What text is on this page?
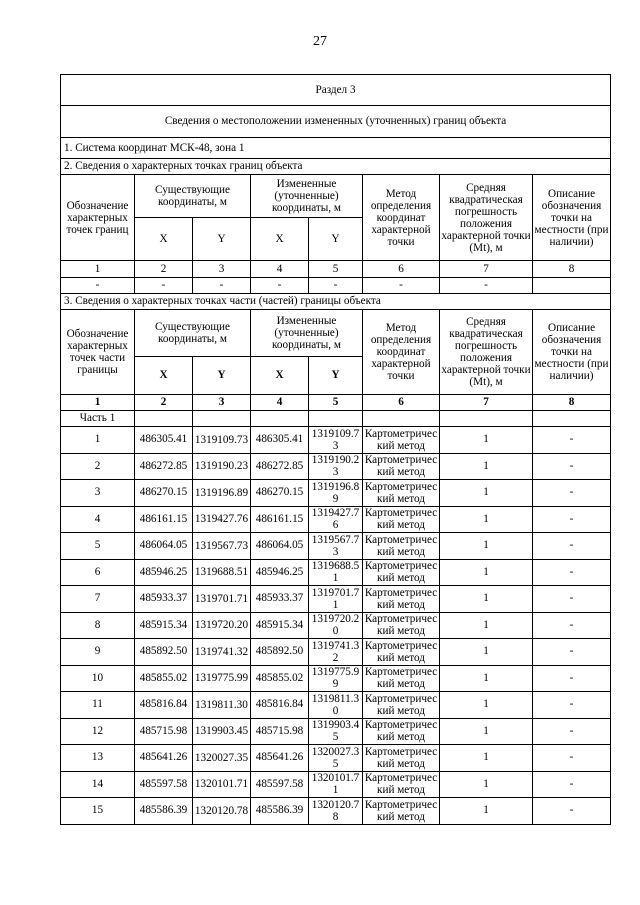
27
Раздел 3							
Сведения о местоположении измененных (уточненных) границ объекта							
1. Система координат МСК-48, зона 1							
2. Сведения о характерных точках границ объекта							
Обозначение характерных точек границ	Существующие координаты, м		Измененные (уточненные) координаты, м		Метод определения координат характерной точки	Средняя квадратическая погрешность положения характерной точки (Mt), м	Описание обозначения точки на местности (при наличии)
	X	Y	X	Y			
1	2	3	4	5	6	7	8
-	-	-	-	-	-	-	
3. Сведения о характерных точках части (частей) границы объекта							
Обозначение характерных точек части границы	Существующие координаты, м		Измененные (уточненные) координаты, м		Метод определения координат характерной точки	Средняя квадратическая погрешность положения характерной точки (Mt), м	Описание обозначения точки на местности (при наличии)
	X	Y	X	Y			
1	2	3	4	5	6	7	8
Часть 1							
1	486305.41	1319109.73	486305.41	1319109.73	Картометрический метод	1	-
2	486272.85	1319190.23	486272.85	1319190.23	Картометрический метод	1	-
3	486270.15	1319196.89	486270.15	1319196.89	Картометрический метод	1	-
4	486161.15	1319427.76	486161.15	1319427.76	Картометрический метод	1	-
5	486064.05	1319567.73	486064.05	1319567.73	Картометрический метод	1	-
6	485946.25	1319688.51	485946.25	1319688.51	Картометрический метод	1	-
7	485933.37	1319701.71	485933.37	1319701.71	Картометрический метод	1	-
8	485915.34	1319720.20	485915.34	1319720.20	Картометрический метод	1	-
9	485892.50	1319741.32	485892.50	1319741.32	Картометрический метод	1	-
10	485855.02	1319775.99	485855.02	1319775.99	Картометрический метод	1	-
11	485816.84	1319811.30	485816.84	1319811.30	Картометрический метод	1	-
12	485715.98	1319903.45	485715.98	1319903.45	Картометрический метод	1	-
13	485641.26	1320027.35	485641.26	1320027.35	Картометрический метод	1	-
14	485597.58	1320101.71	485597.58	1320101.71	Картометрический метод	1	-
15	485586.39	1320120.78	485586.39	1320120.78	Картометрический метод	1	-
